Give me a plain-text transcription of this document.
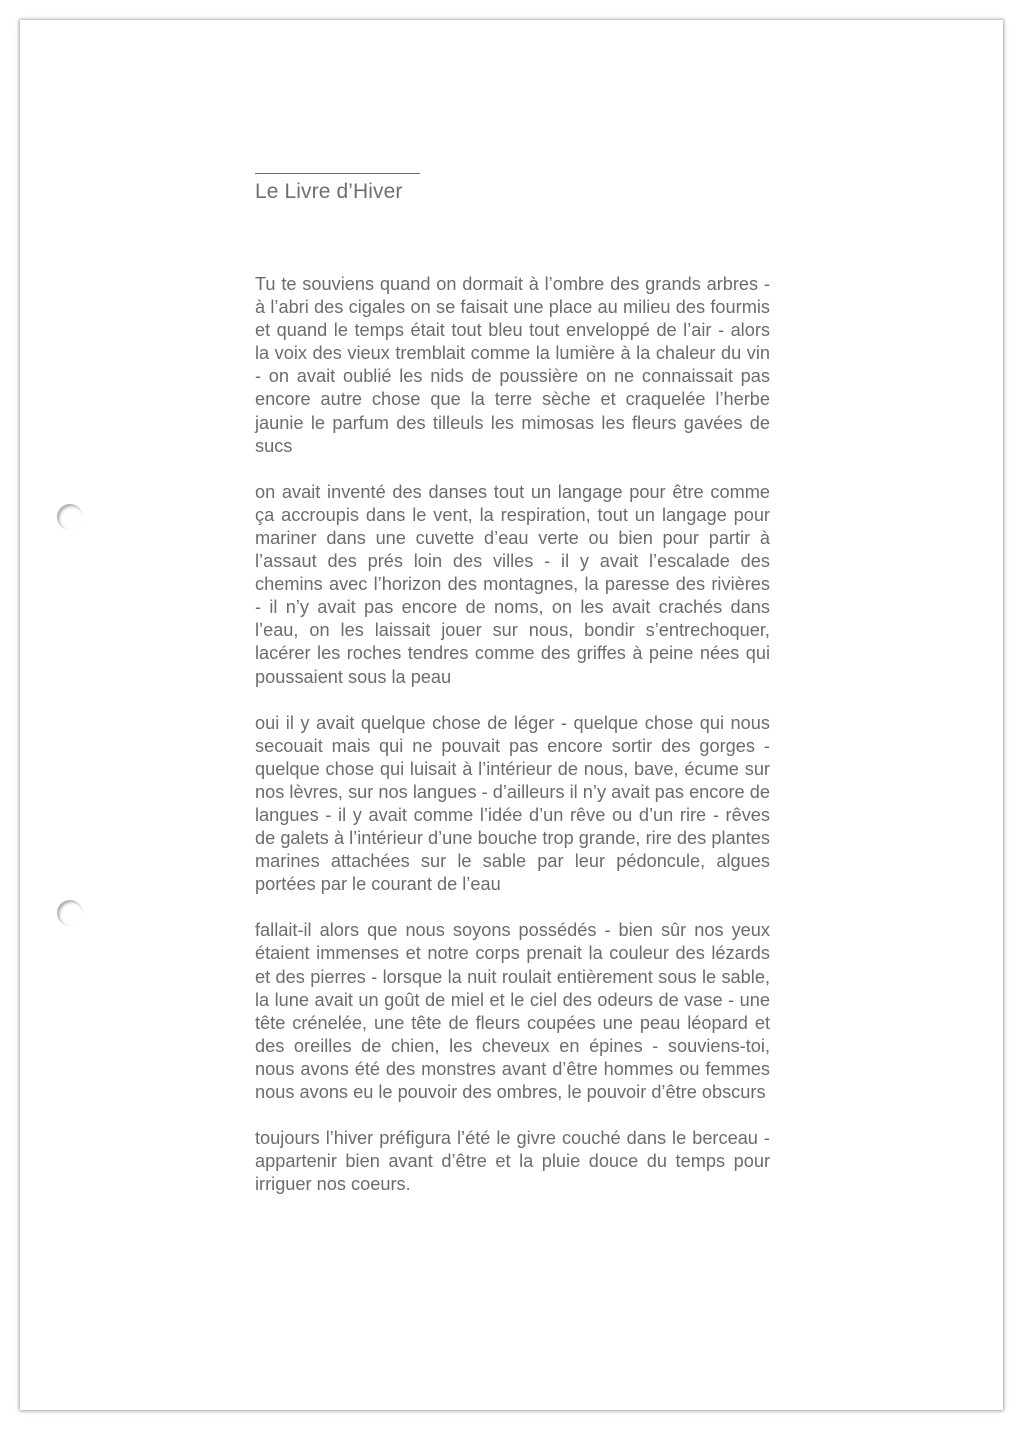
Le Livre d’Hiver

Tu te souviens quand on dormait à l’ombre des grands arbres - à l’abri des cigales on se faisait une place au milieu des fourmis et quand le temps était tout bleu tout enveloppé de l’air - alors la voix des vieux tremblait comme la lumière à la chaleur du vin - on avait oublié les nids de poussière on ne connaissait pas encore autre chose que la terre sèche et craquelée l’herbe jaunie le parfum des tilleuls les mimosas les fleurs gavées de sucs

on avait inventé des danses tout un langage pour être comme ça accroupis dans le vent, la respiration, tout un langage pour mariner dans une cuvette d’eau verte ou bien pour partir à l’assaut des prés loin des villes - il y avait l’escalade des chemins avec l’horizon des montagnes, la paresse des rivières - il n’y avait pas encore de noms, on les avait crachés dans l’eau, on les laissait jouer sur nous, bondir s’entrechoquer, lacérer les roches tendres comme des griffes à peine nées qui poussaient sous la peau

oui il y avait quelque chose de léger - quelque chose qui nous secouait mais qui ne pouvait pas encore sortir des gorges - quelque chose qui luisait à l’intérieur de nous, bave, écume sur nos lèvres, sur nos langues - d’ailleurs il n’y avait pas encore de langues - il y avait comme l’idée d’un rêve ou d’un rire - rêves de galets à l’intérieur d’une bouche trop grande, rire des plantes marines attachées sur le sable par leur pédoncule, algues portées par le courant de l’eau

fallait-il alors que nous soyons possédés - bien sûr nos yeux étaient immenses et notre corps prenait la couleur des lézards et des pierres - lorsque la nuit roulait entièrement sous le sable, la lune avait un goût de miel et le ciel des odeurs de vase - une tête crénelée, une tête de fleurs coupées une peau léopard et des oreilles de chien, les cheveux en épines - souviens-toi, nous avons été des monstres avant d’être hommes ou femmes nous avons eu le pouvoir des ombres, le pouvoir d’être obscurs

toujours l’hiver préfigura l’été le givre couché dans le berceau - appartenir bien avant d’être et la pluie douce du temps pour irriguer nos coeurs.
